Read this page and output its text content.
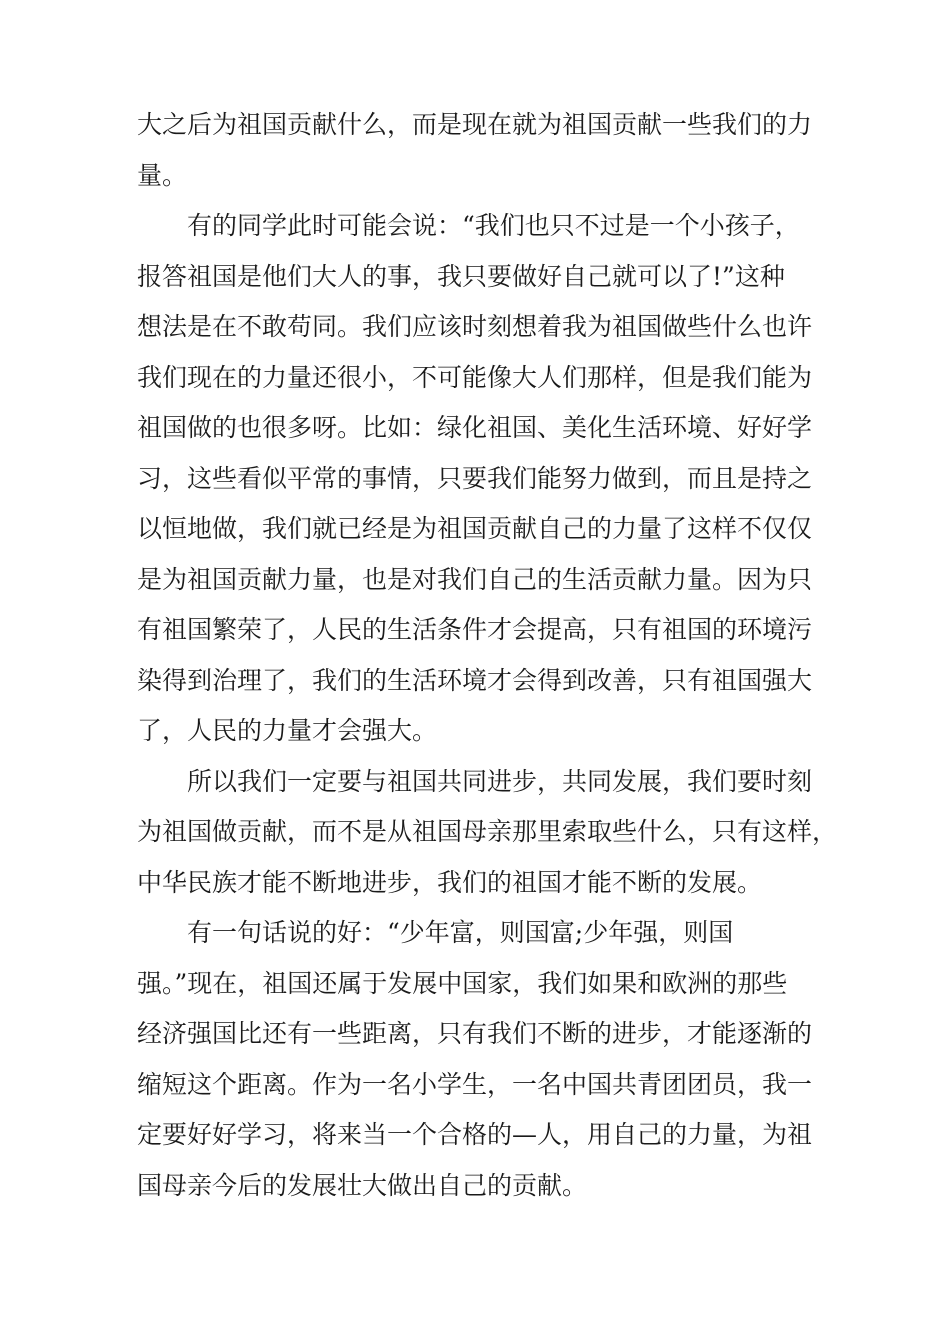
大之后为祖国贡献什么，而是现在就为祖国贡献一些我们的力
量。
有的同学此时可能会说：“我们也只不过是一个小孩子，
报答祖国是他们大人的事，我只要做好自己就可以了!”这种
想法是在不敢苟同。我们应该时刻想着我为祖国做些什么也许
我们现在的力量还很小，不可能像大人们那样，但是我们能为
祖国做的也很多呀。比如：绿化祖国、美化生活环境、好好学
习，这些看似平常的事情，只要我们能努力做到，而且是持之
以恒地做，我们就已经是为祖国贡献自己的力量了这样不仅仅
是为祖国贡献力量，也是对我们自己的生活贡献力量。因为只
有祖国繁荣了，人民的生活条件才会提高，只有祖国的环境污
染得到治理了，我们的生活环境才会得到改善，只有祖国强大
了，人民的力量才会强大。
所以我们一定要与祖国共同进步，共同发展，我们要时刻
为祖国做贡献，而不是从祖国母亲那里索取些什么，只有这样，
中华民族才能不断地进步，我们的祖国才能不断的发展。
有一句话说的好：“少年富，则国富;少年强，则国
强。”现在，祖国还属于发展中国家，我们如果和欧洲的那些
经济强国比还有一些距离，只有我们不断的进步，才能逐渐的
缩短这个距离。作为一名小学生，一名中国共青团团员，我一
定要好好学习，将来当一个合格的—人，用自己的力量，为祖
国母亲今后的发展壮大做出自己的贡献。
